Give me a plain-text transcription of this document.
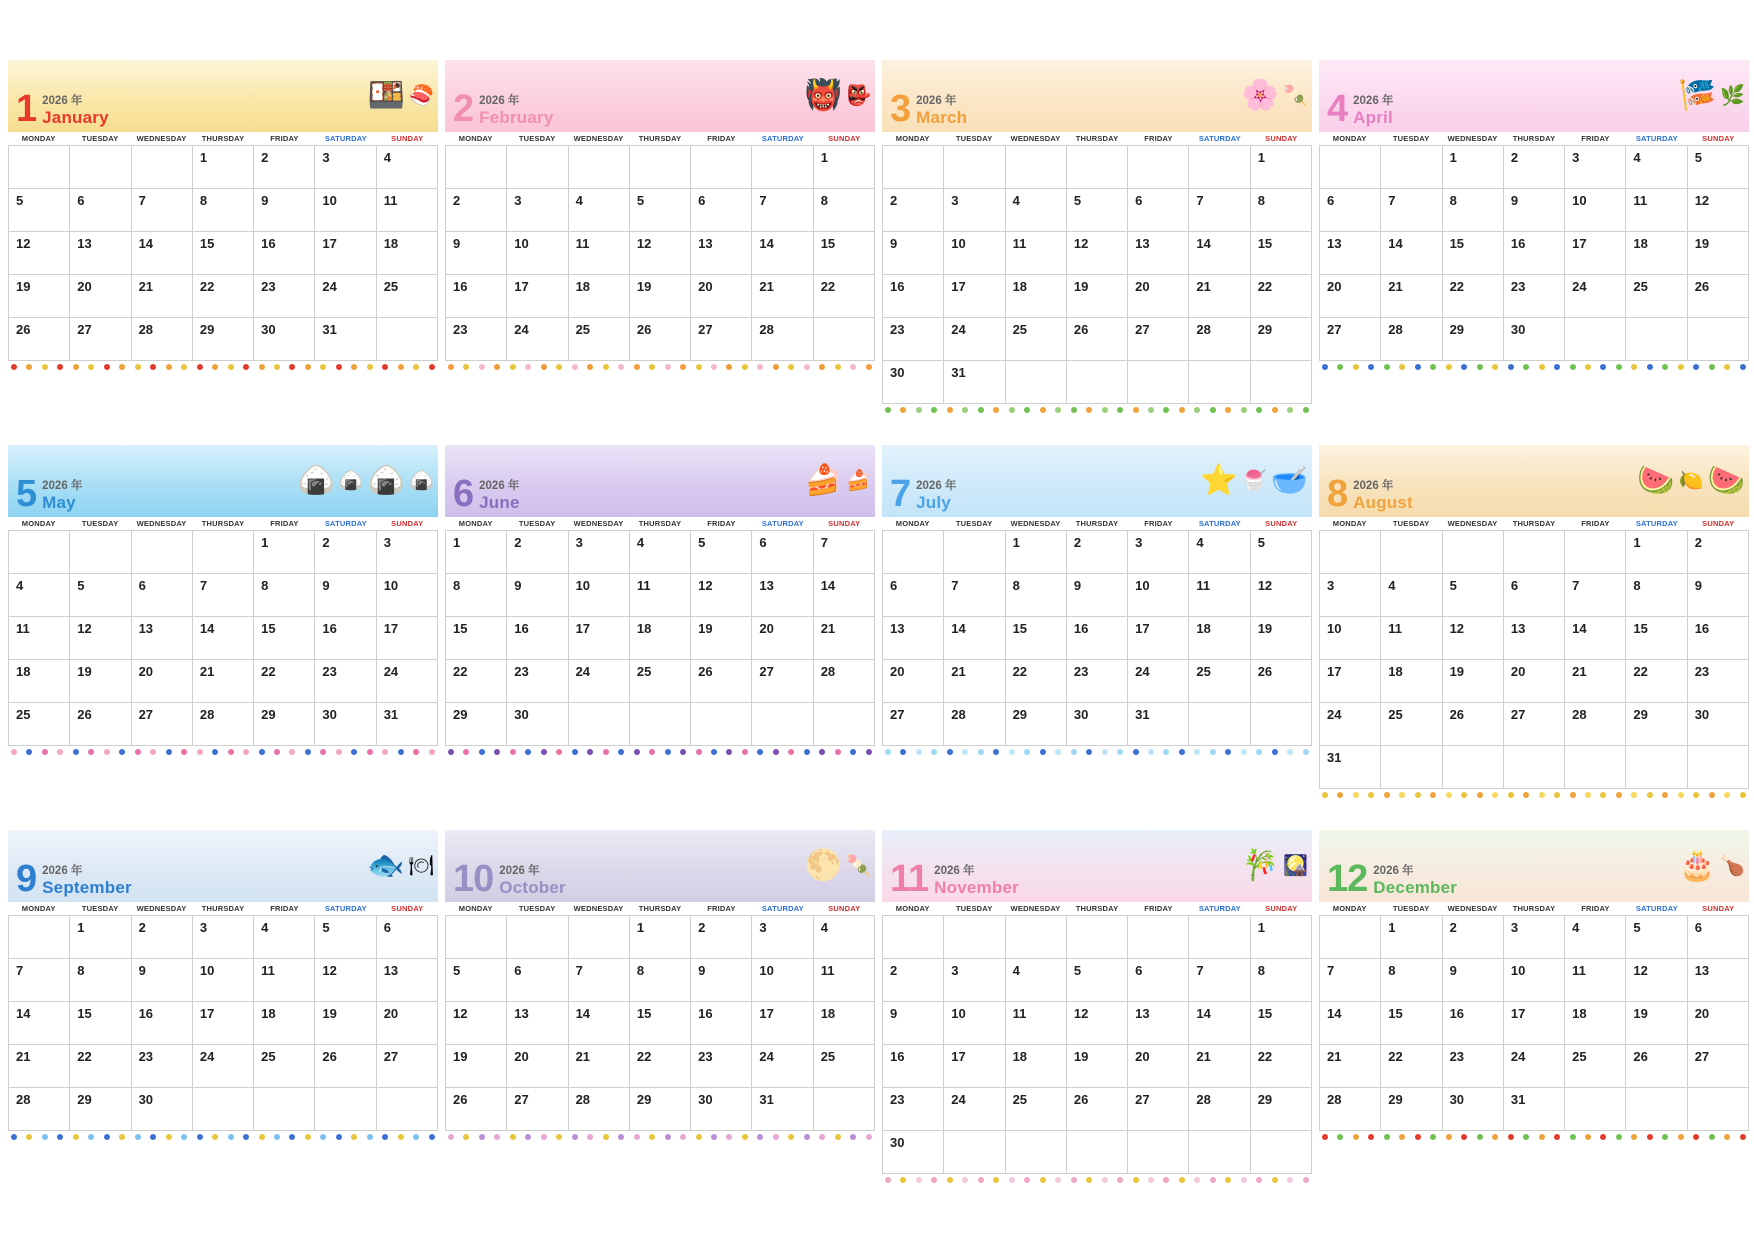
1 2026 年
January
🍱 🍣
MONDAY	TUESDAY	WEDNESDAY	THURSDAY	FRIDAY	SATURDAY	SUNDAY
			1	2	3	4
5	6	7	8	9	10	11
12	13	14	15	16	17	18
19	20	21	22	23	24	25
26	27	28	29	30	31	
2 2026 年
February
👹 👺
MONDAY	TUESDAY	WEDNESDAY	THURSDAY	FRIDAY	SATURDAY	SUNDAY
						1
2	3	4	5	6	7	8
9	10	11	12	13	14	15
16	17	18	19	20	21	22
23	24	25	26	27	28	
3 2026 年
March
🌸 🍡
MONDAY	TUESDAY	WEDNESDAY	THURSDAY	FRIDAY	SATURDAY	SUNDAY
						1
2	3	4	5	6	7	8
9	10	11	12	13	14	15
16	17	18	19	20	21	22
23	24	25	26	27	28	29
30	31					
4 2026 年
April
🎏 🌿
MONDAY	TUESDAY	WEDNESDAY	THURSDAY	FRIDAY	SATURDAY	SUNDAY
		1	2	3	4	5
6	7	8	9	10	11	12
13	14	15	16	17	18	19
20	21	22	23	24	25	26
27	28	29	30			
5 2026 年
May
🍙 🍙 🍙 🍙
MONDAY	TUESDAY	WEDNESDAY	THURSDAY	FRIDAY	SATURDAY	SUNDAY
				1	2	3
4	5	6	7	8	9	10
11	12	13	14	15	16	17
18	19	20	21	22	23	24
25	26	27	28	29	30	31
6 2026 年
June
🍰 🍰
MONDAY	TUESDAY	WEDNESDAY	THURSDAY	FRIDAY	SATURDAY	SUNDAY
1	2	3	4	5	6	7
8	9	10	11	12	13	14
15	16	17	18	19	20	21
22	23	24	25	26	27	28
29	30					
7 2026 年
July
⭐ 🍧 🥣
MONDAY	TUESDAY	WEDNESDAY	THURSDAY	FRIDAY	SATURDAY	SUNDAY
		1	2	3	4	5
6	7	8	9	10	11	12
13	14	15	16	17	18	19
20	21	22	23	24	25	26
27	28	29	30	31		
8 2026 年
August
🍉 🍋 🍉
MONDAY	TUESDAY	WEDNESDAY	THURSDAY	FRIDAY	SATURDAY	SUNDAY
					1	2
3	4	5	6	7	8	9
10	11	12	13	14	15	16
17	18	19	20	21	22	23
24	25	26	27	28	29	30
31						
9 2026 年
September
🐟 🍽
MONDAY	TUESDAY	WEDNESDAY	THURSDAY	FRIDAY	SATURDAY	SUNDAY
	1	2	3	4	5	6
7	8	9	10	11	12	13
14	15	16	17	18	19	20
21	22	23	24	25	26	27
28	29	30				
10 2026 年
October
🌕 🍡
MONDAY	TUESDAY	WEDNESDAY	THURSDAY	FRIDAY	SATURDAY	SUNDAY
			1	2	3	4
5	6	7	8	9	10	11
12	13	14	15	16	17	18
19	20	21	22	23	24	25
26	27	28	29	30	31	
11 2026 年
November
🎋 🎑
MONDAY	TUESDAY	WEDNESDAY	THURSDAY	FRIDAY	SATURDAY	SUNDAY
						1
2	3	4	5	6	7	8
9	10	11	12	13	14	15
16	17	18	19	20	21	22
23	24	25	26	27	28	29
30						
12 2026 年
December
🎂 🍗
MONDAY	TUESDAY	WEDNESDAY	THURSDAY	FRIDAY	SATURDAY	SUNDAY
	1	2	3	4	5	6
7	8	9	10	11	12	13
14	15	16	17	18	19	20
21	22	23	24	25	26	27
28	29	30	31			
